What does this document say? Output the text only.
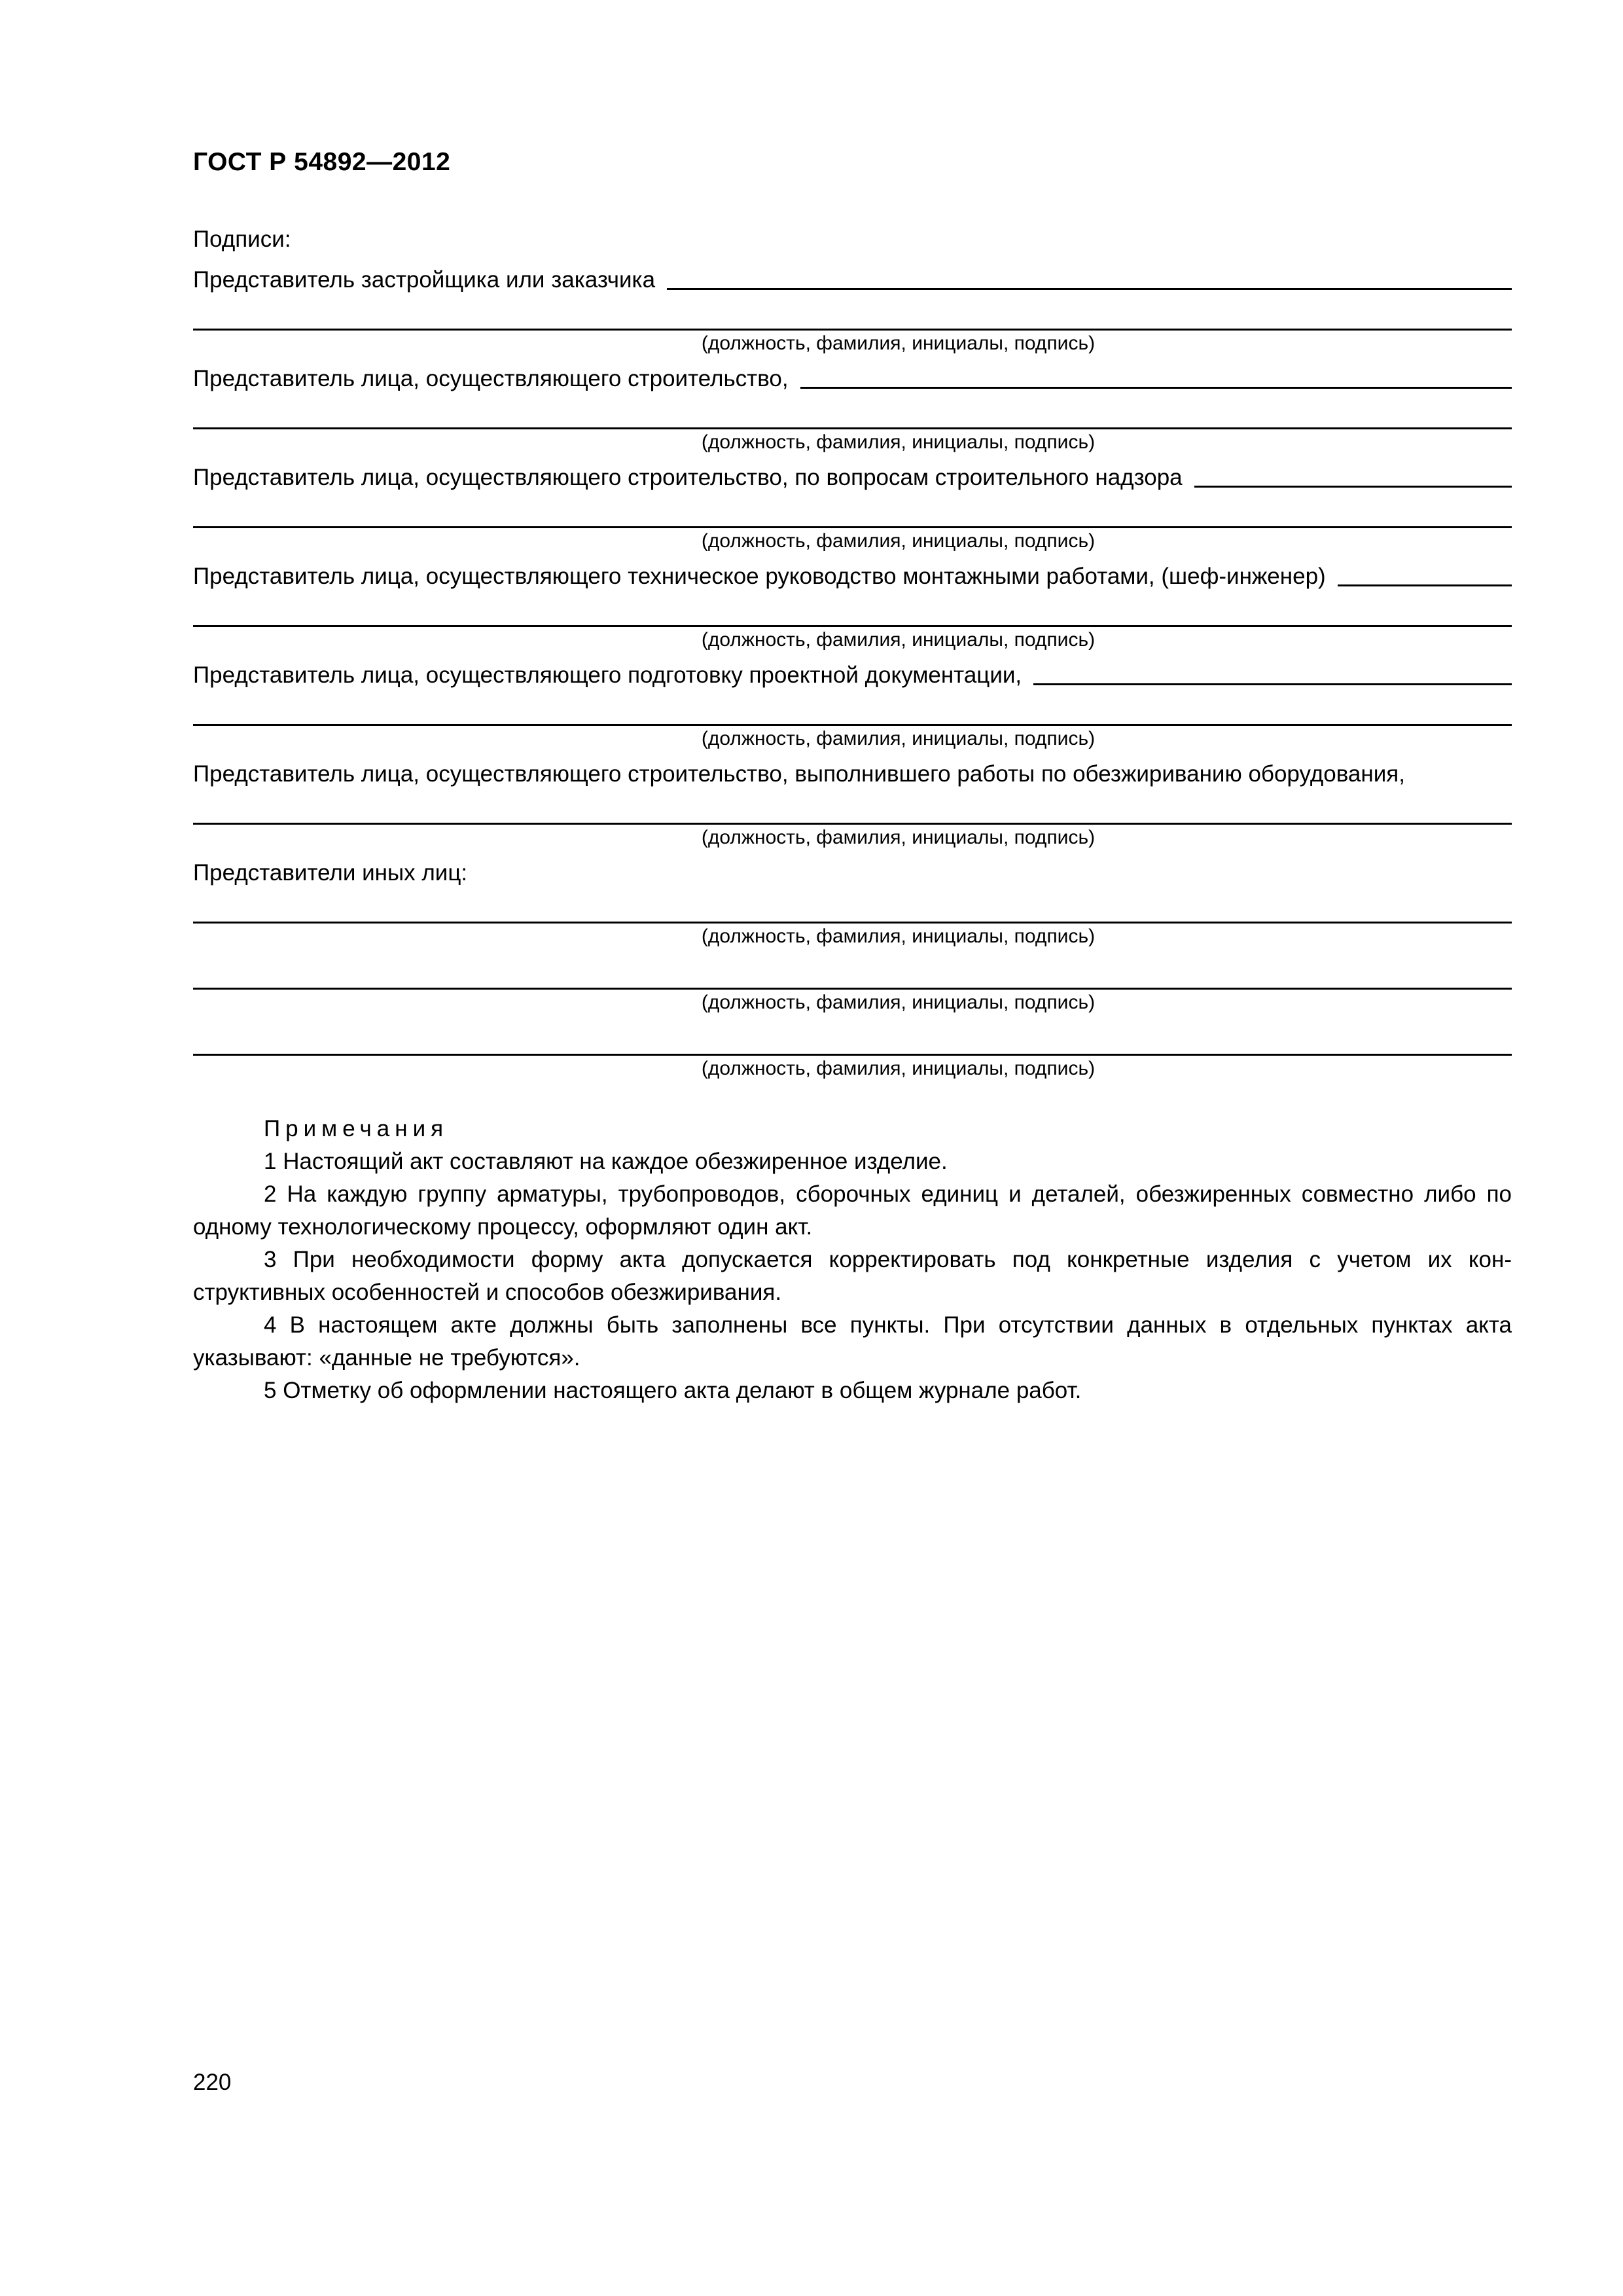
ГОСТ Р 54892—2012
Подписи:
Представитель застройщика или заказчика
(должность, фамилия, инициалы, подпись)
Представитель лица, осуществляющего строительство,
(должность, фамилия, инициалы, подпись)
Представитель лица, осуществляющего строительство, по вопросам строительного надзора
(должность, фамилия, инициалы, подпись)
Представитель лица, осуществляющего техническое руководство монтажными работами, (шеф-инженер)
(должность, фамилия, инициалы, подпись)
Представитель лица, осуществляющего подготовку проектной документации,
(должность, фамилия, инициалы, подпись)
Представитель лица, осуществляющего строительство, выполнившего работы по обезжириванию оборудования,
(должность, фамилия, инициалы, подпись)
Представители иных лиц:
(должность, фамилия, инициалы, подпись)
(должность, фамилия, инициалы, подпись)
(должность, фамилия, инициалы, подпись)
Примечания
1 Настоящий акт составляют на каждое обезжиренное изделие.
2 На каждую группу арматуры, трубопроводов, сборочных единиц и деталей, обезжиренных совместно либо по одному технологическому процессу, оформляют один акт.
3 При необходимости форму акта допускается корректировать под конкретные изделия с учетом их кон-структивных особенностей и способов обезжиривания.
4 В настоящем акте должны быть заполнены все пункты. При отсутствии данных в отдельных пунктах акта указывают: «данные не требуются».
5 Отметку об оформлении настоящего акта делают в общем журнале работ.
220
